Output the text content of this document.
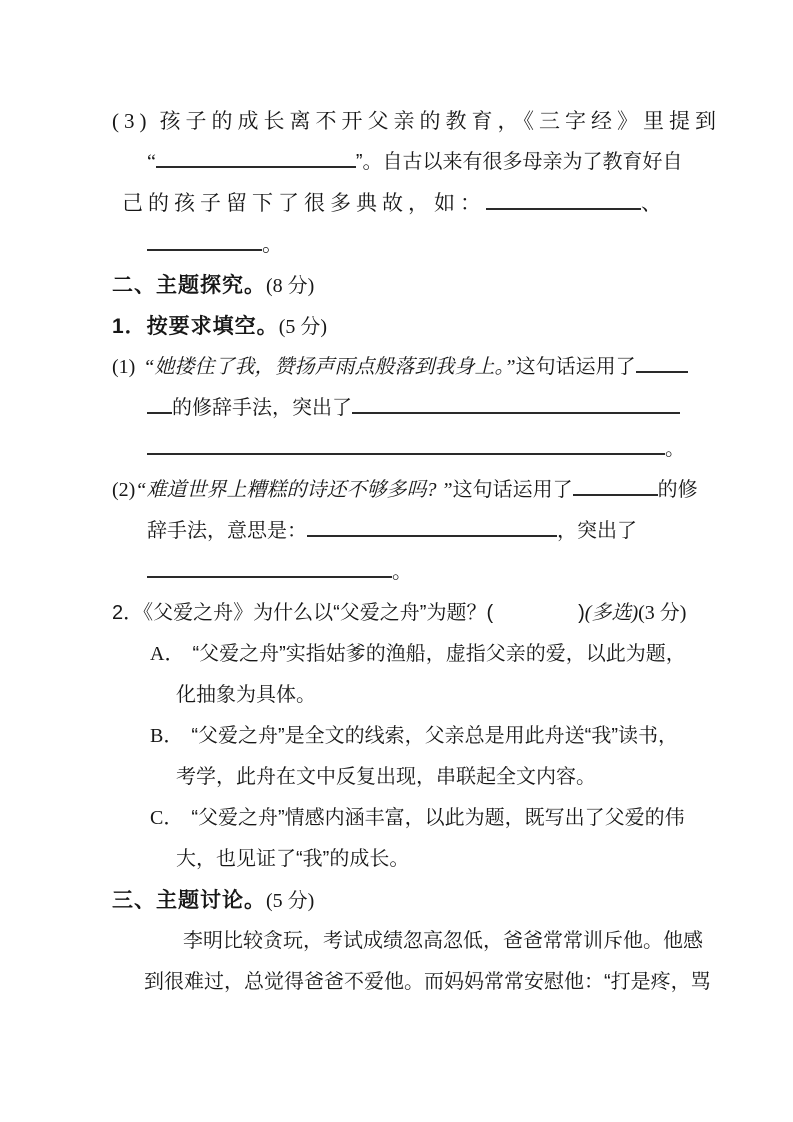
(3) 孩子的成长离不开父亲的教育，《三字经》里提到
“	”。自古以来有很多母亲为了教育好自
己的孩子留下了很多典故，如：	、
。
二、主题探究。(8 分)
1．按要求填空。(5 分)
(1) “她搂住了我，赞扬声雨点般落到我身上。”这句话运用了
的修辞手法，突出了
。
(2)“难道世界上糟糕的诗还不够多吗? ”这句话运用了	的修
辞手法，意思是：	，突出了
。
2．《父爱之舟》为什么以“父爱之舟”为题？(	)(多选)(3 分)
A． “父爱之舟”实指姑爹的渔船，虚指父亲的爱，以此为题，
化抽象为具体。
B． “父爱之舟”是全文的线索，父亲总是用此舟送“我”读书，
考学，此舟在文中反复出现，串联起全文内容。
C． “父爱之舟”情感内涵丰富，以此为题，既写出了父爱的伟
大，也见证了“我”的成长。
三、主题讨论。(5 分)
李明比较贪玩，考试成绩忽高忽低，爸爸常常训斥他。他感
到很难过，总觉得爸爸不爱他。而妈妈常常安慰他：“打是疼，骂
